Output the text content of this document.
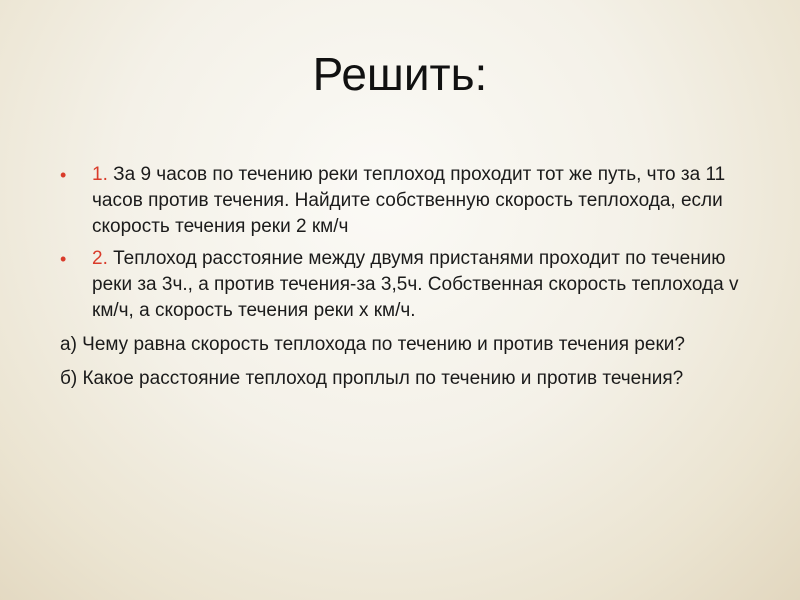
Решить:
• 1. За 9 часов по течению реки теплоход проходит тот же путь, что за 11 часов против течения. Найдите собственную скорость теплохода, если скорость течения реки 2 км/ч
• 2. Теплоход расстояние между двумя пристанями проходит по течению реки за 3ч., а против течения-за 3,5ч. Собственная скорость теплохода v км/ч, а скорость течения реки x км/ч.
а) Чему равна скорость теплохода по течению и против течения реки?
б) Какое расстояние теплоход проплыл по течению и против течения?
